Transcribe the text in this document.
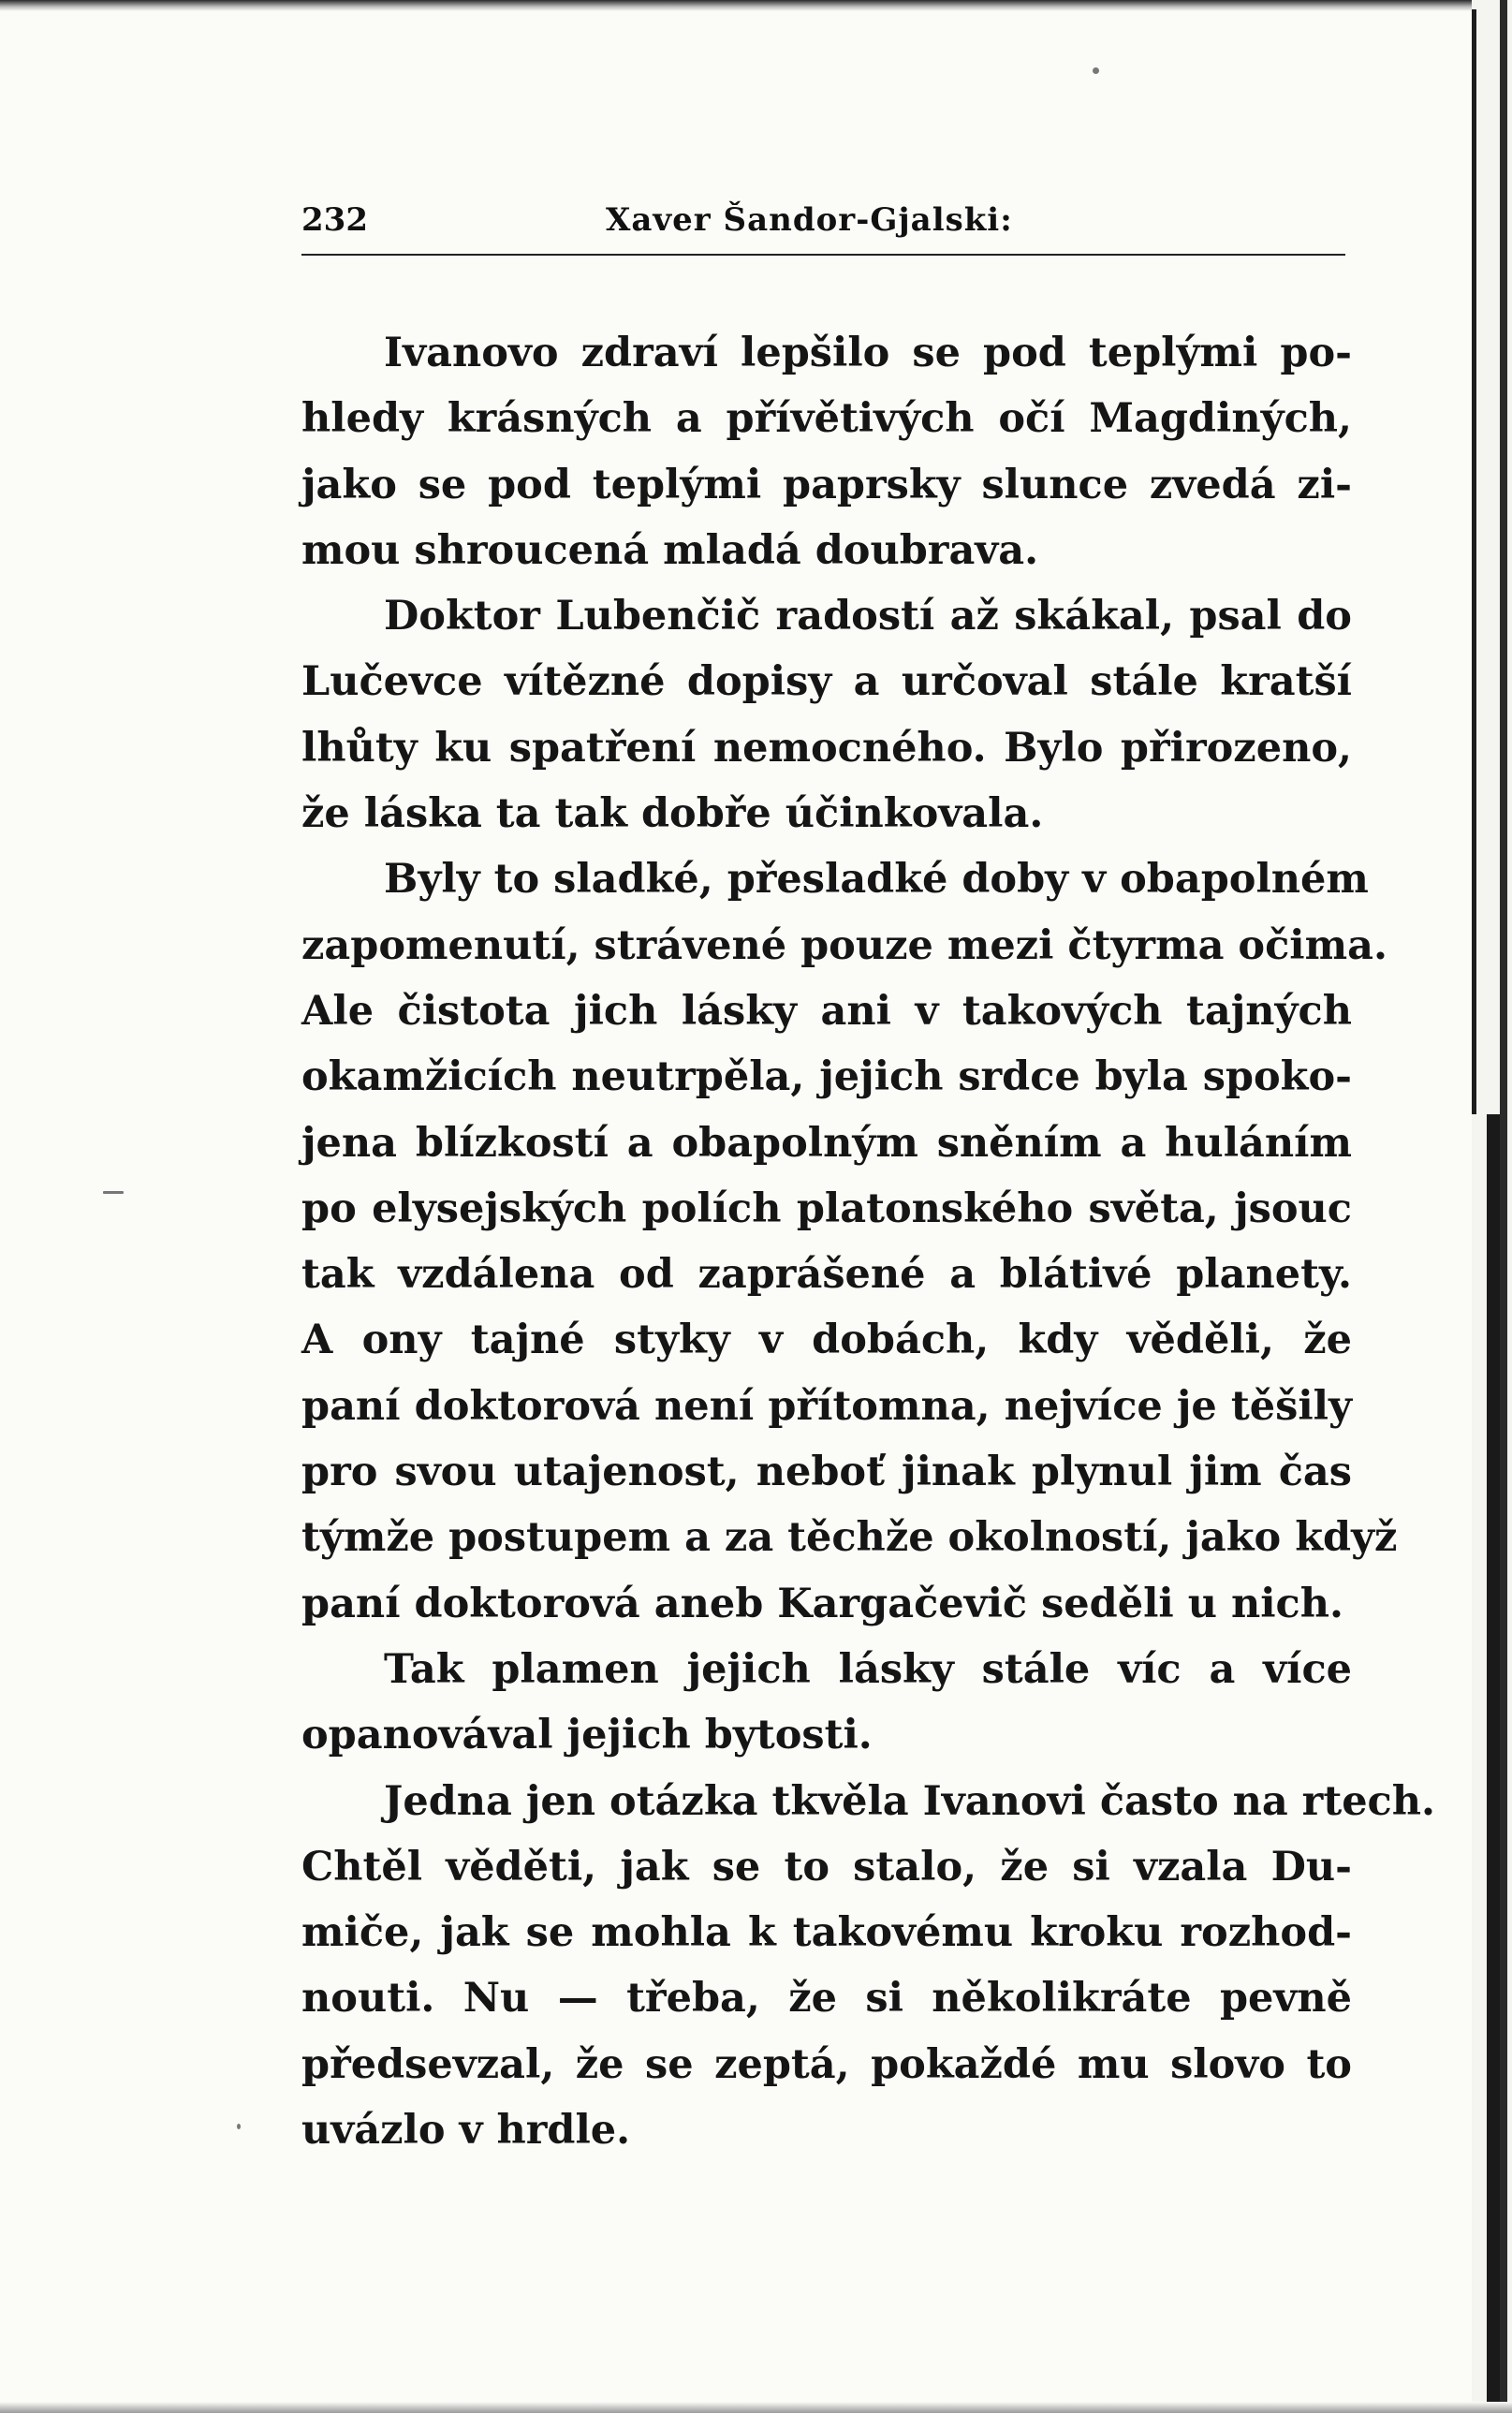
232	Xaver Šandor-Gjalski:
Ivanovo zdraví lepšilo se pod teplými po-
hledy krásných a přívětivých očí Magdiných,
jako se pod teplými paprsky slunce zvedá zi-
mou shroucená mladá doubrava.
Doktor Lubenčič radostí až skákal, psal do
Lučevce vítězné dopisy a určoval stále kratší
lhůty ku spatření nemocného. Bylo přirozeno,
že láska ta tak dobře účinkovala.
Byly to sladké, přesladké doby v obapolném
zapomenutí, strávené pouze mezi čtyrma očima.
Ale čistota jich lásky ani v takových tajných
okamžicích neutrpěla, jejich srdce byla spoko-
jena blízkostí a obapolným sněním a huláním
po elysejských polích platonského světa, jsouc
tak vzdálena od zaprášené a blátivé planety.
A ony tajné styky v dobách, kdy věděli, že
paní doktorová není přítomna, nejvíce je těšily
pro svou utajenost, neboť jinak plynul jim čas
týmže postupem a za těchže okolností, jako když
paní doktorová aneb Kargačevič seděli u nich.
Tak plamen jejich lásky stále víc a více
opanovával jejich bytosti.
Jedna jen otázka tkvěla Ivanovi často na rtech.
Chtěl věděti, jak se to stalo, že si vzala Du-
miče, jak se mohla k takovému kroku rozhod-
nouti. Nu — třeba, že si několikráte pevně
předsevzal, že se zeptá, pokaždé mu slovo to
uvázlo v hrdle.
